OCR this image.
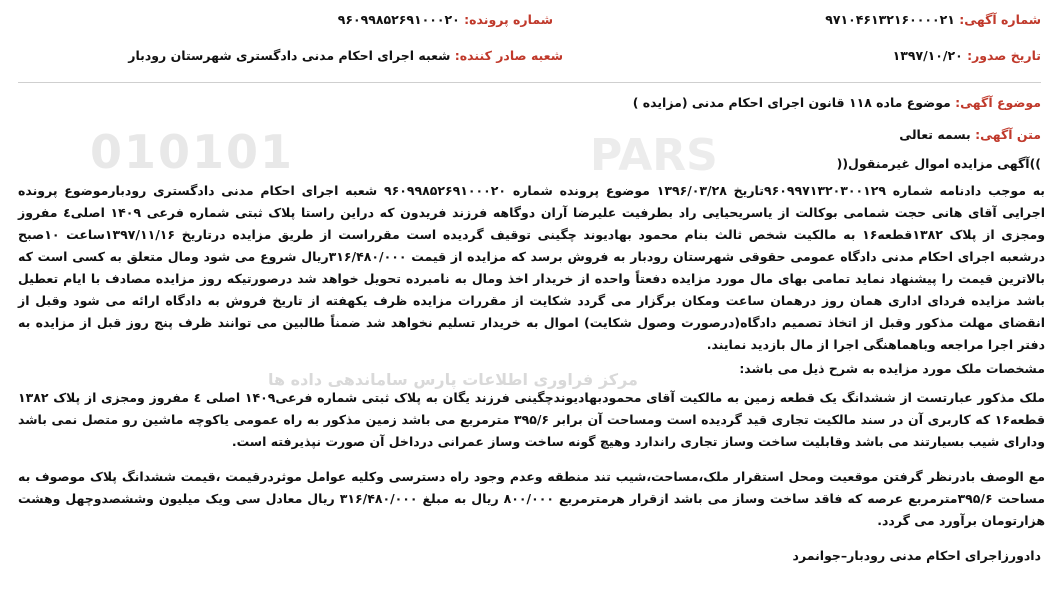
010101	PARS
مرکز فراوری اطلاعات پارس ساماندهی داده ها
شماره آگهی: ۹۷۱۰۴۶۱۳۲۱۶۰۰۰۰۲۱
شماره پرونده: ۹۶۰۹۹۸۵۲۶۹۱۰۰۰۲۰
تاریخ صدور: ۱۳۹۷/۱۰/۲۰
شعبه صادر کننده: شعبه اجرای احکام مدنی دادگستری شهرستان رودبار
موضوع آگهی: موضوع ماده ۱۱۸ قانون اجرای احکام مدنی (مزایده )
متن آگهی: بسمه تعالی
))آگهی مزایده اموال غیرمنقول((
به موجب دادنامه شماره ۹۶۰۹۹۷۱۳۲۰۳۰۰۱۲۹تاریخ ۱۳۹۶/۰۳/۲۸ موضوع پرونده شماره ۹۶۰۹۹۸۵۲۶۹۱۰۰۰۲۰ شعبه اجرای احکام مدنی دادگستری رودبارموضوع پرونده اجرایی آقای هانی حجت شمامی بوکالت از یاسریحیایی راد بطرفیت علیرضا آران دوگاهه فرزند فریدون که دراین راستا پلاک ثبتی شماره فرعی ۱۴۰۹ اصلی٤ مفروز ومجزی از پلاک ۱۳۸۲قطعه۱۶ به مالکیت شخص ثالث بنام محمود بهادیوند چگینی توقیف گردیده است مقرراست از طریق مزایده درتاریخ ۱۳۹۷/۱۱/۱۶ساعت ۱۰صبح درشعبه اجرای احکام مدنی دادگاه عمومی حقوقی شهرستان رودبار به فروش برسد که مزایده از قیمت ۳۱۶/۴۸۰/۰۰۰ریال شروع می شود ومال متعلق به کسی است که بالاترین قیمت را پیشنهاد نماید تمامی بهای مال مورد مزایده دفعتاً واحده از خریدار اخذ ومال به نامبرده تحویل خواهد شد درصورتیکه روز مزایده مصادف با ایام تعطیل باشد مزایده فردای اداری همان روز درهمان ساعت ومکان برگزار می گردد شکایت از مقررات مزایده ظرف یکهفته از تاریخ فروش به دادگاه ارائه می شود وقبل از انقضای مهلت مذکور وقبل از اتخاذ تصمیم دادگاه(درصورت وصول شکایت) اموال به خریدار تسلیم نخواهد شد ضمناً طالبین می توانند ظرف پنج روز قبل از مزایده به دفتر اجرا مراجعه وباهماهنگی اجرا از مال بازدید نمایند.
مشخصات ملک مورد مزایده به شرح ذیل می باشد:
ملک مذکور عبارتست از ششدانگ یک قطعه زمین به مالکیت آقای محمودبهادیوندچگینی فرزند یگان به پلاک ثبتی شماره فرعی۱۴۰۹ اصلی ٤ مفروز ومجزی از پلاک ۱۳۸۲ قطعه۱۶ که کاربری آن در سند مالکیت تجاری قید گردیده است ومساحت آن برابر ۳۹۵/۶ مترمربع می باشد زمین مذکور به راه عمومی یاکوچه ماشین رو متصل نمی باشد ودارای شیب بسیارتند می باشد وقابلیت ساخت وساز تجاری راندارد وهیچ گونه ساخت وساز عمرانی درداخل آن صورت نپذیرفته است.
مع الوصف بادرنظر گرفتن موقعیت ومحل استقرار ملک،مساحت،شیب تند منطقه وعدم وجود راه دسترسی وکلیه عوامل موثردرقیمت ،قیمت ششدانگ پلاک موصوف به مساحت ۳۹۵/۶مترمربع عرصه که فاقد ساخت وساز می باشد ازقرار هرمترمربع ۸۰۰/۰۰۰ ریال به مبلغ ۳۱۶/۴۸۰/۰۰۰ ریال معادل سی ویک میلیون وششصدوچهل وهشت هزارتومان برآورد می گردد.
دادورزاجرای احکام مدنی رودبار–جوانمرد
